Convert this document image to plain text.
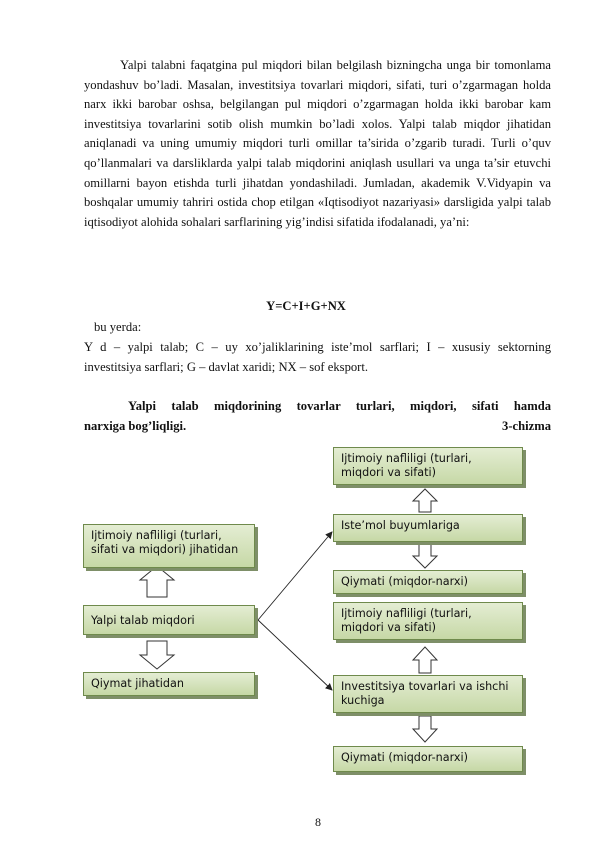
Yalpi talabni faqatgina pul miqdori bilan belgilash bizningcha unga bir tomonlama yondashuv bo’ladi. Masalan, investitsiya tovarlari miqdori, sifati, turi o’zgarmagan holda narx ikki barobar oshsa, belgilangan pul miqdori o’zgarmagan holda ikki barobar kam investitsiya tovarlarini sotib olish mumkin bo’ladi xolos. Yalpi talab miqdor jihatidan aniqlanadi va uning umumiy miqdori turli omillar ta’sirida o’zgarib turadi. Turli o’quv qo’llanmalari va darsliklarda yalpi talab miqdorini aniqlash usullari va unga ta’sir etuvchi omillarni bayon etishda turli jihatdan yondashiladi. Jumladan, akademik V.Vidyapin va boshqalar umumiy tahriri ostida chop etilgan «Iqtisodiyot nazariyasi» darsligida yalpi talab iqtisodiyot alohida sohalari sarflarining yig’indisi sifatida ifodalanadi, ya’ni:
Y=C+I+G+NX
bu yerda:
Y d – yalpi talab; C – uy xo’jaliklarining iste’mol sarflari; I – xususiy sektorning
investitsiya sarflari; G – davlat xaridi; NX – sof eksport.
Yalpi talab miqdorining tovarlar turlari, miqdori, sifati hamda
narxiga bog’liqligi.	3-chizma
Ijtimoiy nafliligi (turlari, sifati va miqdori) jihatidan
Yalpi talab miqdori
Qiymat jihatidan
Ijtimoiy nafliligi (turlari, miqdori va sifati)
Iste’mol buyumlariga
Qiymati (miqdor-narxi)
Ijtimoiy nafliligi (turlari, miqdori va sifati)
Investitsiya tovarlari va ishchi kuchiga
Qiymati (miqdor-narxi)
8
